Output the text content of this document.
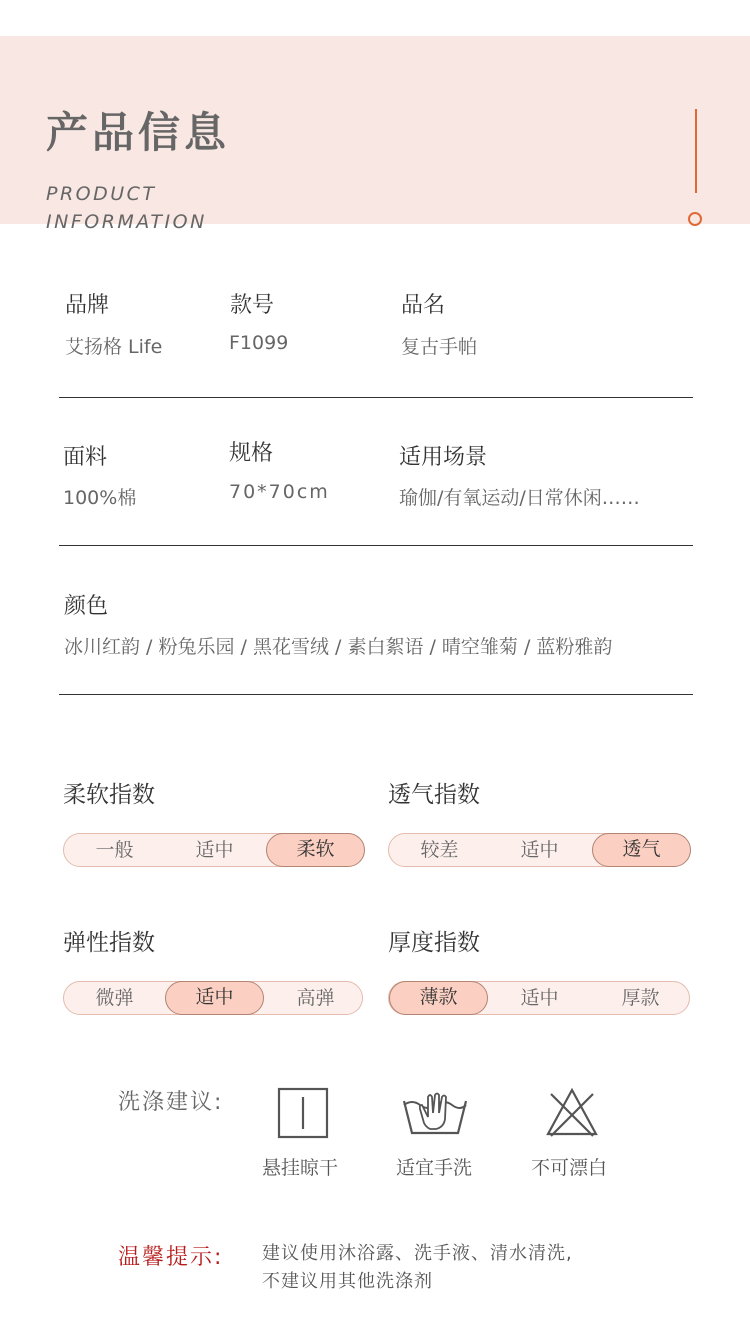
产品信息
PRODUCT
INFORMATION
品牌
艾扬格 Life
款号
F1099
品名
复古手帕
面料
100%棉
规格
70*70cm
适用场景
瑜伽/有氧运动/日常休闲……
颜色
冰川红韵 / 粉兔乐园 / 黑花雪绒 / 素白絮语 / 晴空雏菊 / 蓝粉雅韵
柔软指数
一般	适中	柔软
透气指数
较差	适中	透气
弹性指数
微弹	适中	高弹
厚度指数
薄款	适中	厚款
洗涤建议:
悬挂晾干	适宜手洗	不可漂白
温馨提示: 建议使用沐浴露、洗手液、清水清洗,
不建议用其他洗涤剂
